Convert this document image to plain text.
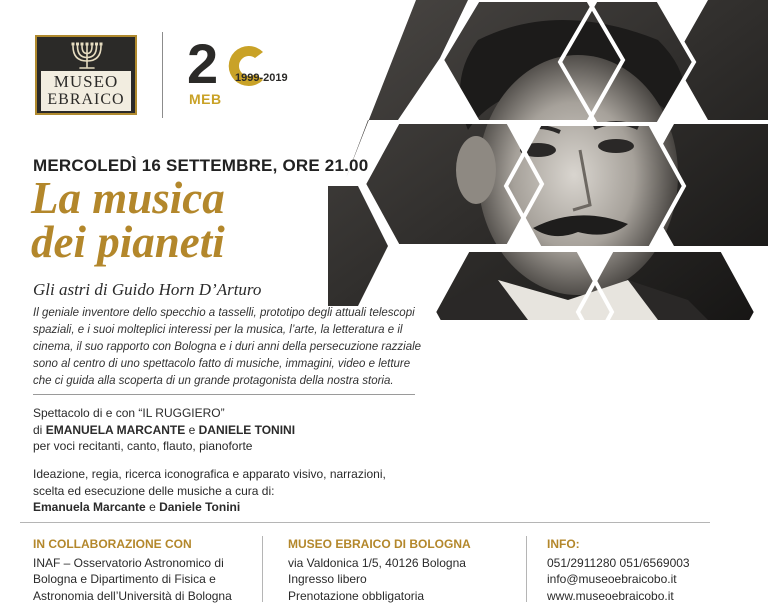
MUSEO
EBRAICO
2
MEB
1999-2019
MERCOLEDÌ 16 SETTEMBRE, ORE 21.00
La musica
dei pianeti
Gli astri di Guido Horn D’Arturo
Il geniale inventore dello specchio a tasselli, prototipo degli attuali telescopi
spaziali, e i suoi molteplici interessi per la musica, l’arte, la letteratura e il
cinema, il suo rapporto con Bologna e i duri anni della persecuzione razziale
sono al centro di uno spettacolo fatto di musiche, immagini, video e letture
che ci guida alla scoperta di un grande protagonista della nostra storia.
Spettacolo di e con “IL RUGGIERO”
di EMANUELA MARCANTE e DANIELE TONINI
per voci recitanti, canto, flauto, pianoforte
Ideazione, regia, ricerca iconografica e apparato visivo, narrazioni,
scelta ed esecuzione delle musiche a cura di:
Emanuela Marcante e Daniele Tonini
IN COLLABORAZIONE CON
INAF – Osservatorio Astronomico di
Bologna e Dipartimento di Fisica e
Astronomia dell’Università di Bologna
MUSEO EBRAICO DI BOLOGNA
via Valdonica 1/5, 40126 Bologna
Ingresso libero
Prenotazione obbligatoria
INFO:
051/2911280 051/6569003
info@museoebraicobo.it
www.museoebraicobo.it
